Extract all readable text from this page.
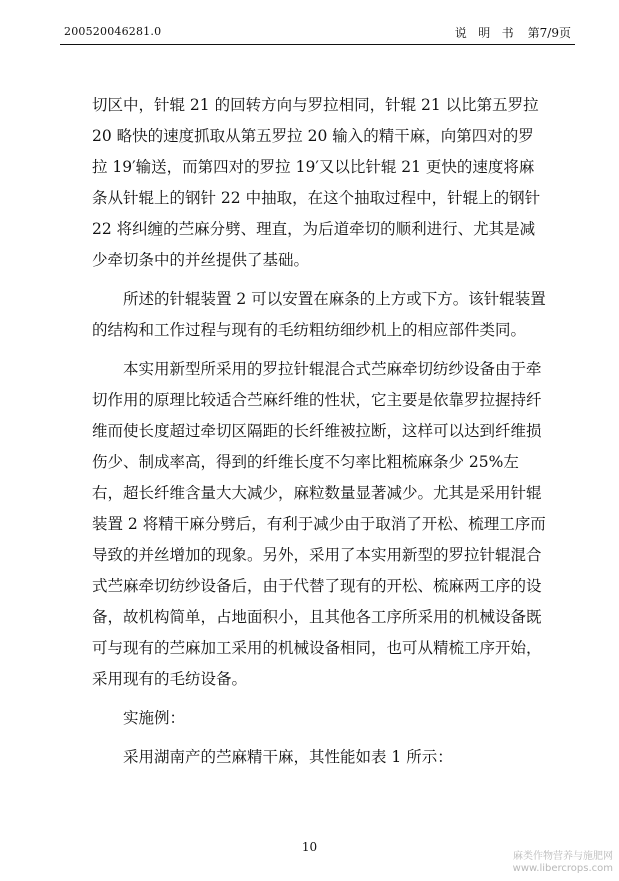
200520046281.0	说   明   书 第7/9页

切区中，针辊 21 的回转方向与罗拉相同，针辊 21 以比第五罗拉 20 略快的速度抓取从第五罗拉 20 输入的精干麻，向第四对的罗拉 19′输送，而第四对的罗拉 19′又以比针辊 21 更快的速度将麻条从针辊上的钢针 22 中抽取，在这个抽取过程中，针辊上的钢针 22 将纠缠的苎麻分劈、理直，为后道牵切的顺利进行、尤其是减少牵切条中的并丝提供了基础。

所述的针辊装置 2 可以安置在麻条的上方或下方。该针辊装置的结构和工作过程与现有的毛纺粗纺细纱机上的相应部件类同。

本实用新型所采用的罗拉针辊混合式苎麻牵切纺纱设备由于牵切作用的原理比较适合苎麻纤维的性状，它主要是依靠罗拉握持纤维而使长度超过牵切区隔距的长纤维被拉断，这样可以达到纤维损伤少、制成率高，得到的纤维长度不匀率比粗梳麻条少 25%左右，超长纤维含量大大减少，麻粒数量显著减少。尤其是采用针辊装置 2 将精干麻分劈后，有利于减少由于取消了开松、梳理工序而导致的并丝增加的现象。另外，采用了本实用新型的罗拉针辊混合式苎麻牵切纺纱设备后，由于代替了现有的开松、梳麻两工序的设备，故机构简单，占地面积小，且其他各工序所采用的机械设备既可与现有的苎麻加工采用的机械设备相同，也可从精梳工序开始，采用现有的毛纺设备。

实施例：

采用湖南产的苎麻精干麻，其性能如表 1 所示：

10
麻类作物营养与施肥网
www.libercrops.com
